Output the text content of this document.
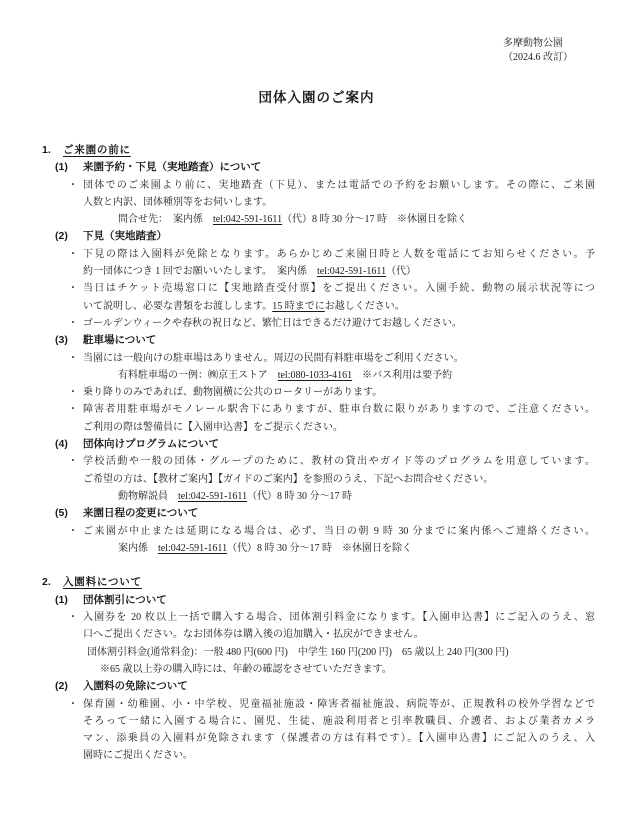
多摩動物公園
（2024.6 改訂）
団体入園のご案内
1.	ご来園の前に
(1)	来園予約・下見（実地踏査）について
・ 団体でのご来園より前に、実地踏査（下見）、または電話での予約をお願いします。その際に、ご来園
人数と内訳、団体種別等をお伺いします。
問合せ先：　案内係　tel:042-591-1611（代）8 時 30 分～17 時　※休園日を除く
(2)	下見（実地踏査）
・ 下見の際は入園料が免除となります。あらかじめご来園日時と人数を電話にてお知らせください。予
約一団体につき 1 回でお願いいたします。　案内係　tel:042-591-1611（代）
・ 当日はチケット売場窓口に【実地踏査受付票】をご提出ください。入園手続、動物の展示状況等につ
いて説明し、必要な書類をお渡しします。15 時までにお越しください。
・ ゴールデンウィークや春秋の祝日など、繁忙日はできるだけ避けてお越しください。
(3)	駐車場について
・ 当園には一般向けの駐車場はありません。周辺の民間有料駐車場をご利用ください。
有料駐車場の一例：㈱京王ストア　tel:080-1033-4161　※バス利用は要予約
・ 乗り降りのみであれば、動物園横に公共のロータリーがあります。
・ 障害者用駐車場がモノレール駅舎下にありますが、駐車台数に限りがありますので、ご注意ください。
ご利用の際は警備員に【入園申込書】をご提示ください。
(4)	団体向けプログラムについて
・ 学校活動や一般の団体・グループのために、教材の貸出やガイド等のプログラムを用意しています。
ご希望の方は、【教材ご案内】【ガイドのご案内】を参照のうえ、下記へお問合せください。
動物解説員　tel:042-591-1611（代）8 時 30 分～17 時
(5)	来園日程の変更について
・ ご来園が中止または延期になる場合は、必ず、当日の朝 9 時 30 分までに案内係へご連絡ください。
案内係　tel:042-591-1611（代）8 時 30 分～17 時　※休園日を除く
2.	入園料について
(1)	団体割引について
・ 入園券を 20 枚以上一括で購入する場合、団体割引料金になります。【入園申込書】にご記入のうえ、窓
口へご提出ください。なお団体券は購入後の追加購入・払戻ができません。
団体割引料金(通常料金)：一般 480 円(600 円)　中学生 160 円(200 円)　65 歳以上 240 円(300 円)
※65 歳以上券の購入時には、年齢の確認をさせていただきます。
(2)	入園料の免除について
・ 保育園・幼稚園、小・中学校、児童福祉施設・障害者福祉施設、病院等が、正規教科の校外学習などで
そろって一緒に入園する場合に、園児、生徒、施設利用者と引率教職員、介護者、および業者カメラ
マン、添乗員の入園料が免除されます（保護者の方は有料です）。【入園申込書】にご記入のうえ、入
園時にご提出ください。
